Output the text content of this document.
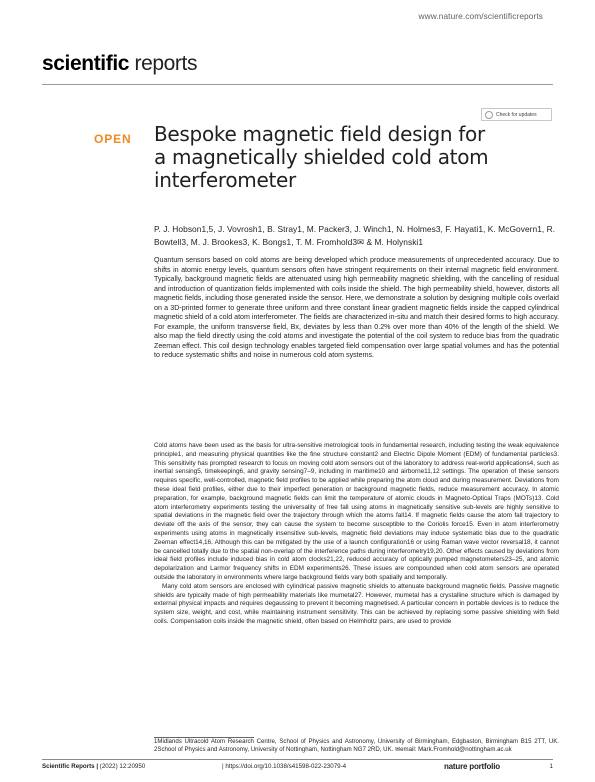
www.nature.com/scientificreports
scientific reports
Check for updates
OPEN Bespoke magnetic field design for a magnetically shielded cold atom interferometer
P. J. Hobson1,5, J. Vovrosh1, B. Stray1, M. Packer3, J. Winch1, N. Holmes3, F. Hayati1, K. McGovern1, R. Bowtell3, M. J. Brookes3, K. Bongs1, T. M. Fromhold3✉ & M. Holynski1
Quantum sensors based on cold atoms are being developed which produce measurements of unprecedented accuracy. Due to shifts in atomic energy levels, quantum sensors often have stringent requirements on their internal magnetic field environment. Typically, background magnetic fields are attenuated using high permeability magnetic shielding, with the cancelling of residual and introduction of quantization fields implemented with coils inside the shield. The high permeability shield, however, distorts all magnetic fields, including those generated inside the sensor. Here, we demonstrate a solution by designing multiple coils overlaid on a 3D-printed former to generate three uniform and three constant linear gradient magnetic fields inside the capped cylindrical magnetic shield of a cold atom interferometer. The fields are characterized in-situ and match their desired forms to high accuracy. For example, the uniform transverse field, Bx, deviates by less than 0.2% over more than 40% of the length of the shield. We also map the field directly using the cold atoms and investigate the potential of the coil system to reduce bias from the quadratic Zeeman effect. This coil design technology enables targeted field compensation over large spatial volumes and has the potential to reduce systematic shifts and noise in numerous cold atom systems.

Cold atoms have been used as the basis for ultra-sensitive metrological tools in fundamental research, including testing the weak equivalence principle1, and measuring physical quantities like the fine structure constant2 and Electric Dipole Moment (EDM) of fundamental particles3. This sensitivity has prompted research to focus on moving cold atom sensors out of the laboratory to address real-world applications4, such as inertial sensing5, timekeeping6, and gravity sensing7–9, including in maritime10 and airborne11,12 settings. The operation of these sensors requires specific, well-controlled, magnetic field profiles to be applied while preparing the atom cloud and during measurement. Deviations from these ideal field profiles, either due to their imperfect generation or background magnetic fields, reduce measurement accuracy. In atomic preparation, for example, background magnetic fields can limit the temperature of atomic clouds in Magneto-Optical Traps (MOTs)13. Cold atom interferometry experiments testing the universality of free fall using atoms in magnetically sensitive sub-levels are highly sensitive to spatial deviations in the magnetic field over the trajectory through which the atoms fall14. If magnetic fields cause the atom fall trajectory to deviate off the axis of the sensor, they can cause the system to become susceptible to the Coriolis force15. Even in atom interferometry experiments using atoms in magnetically insensitive sub-levels, magnetic field deviations may induce systematic bias due to the quadratic Zeeman effect14,16. Although this can be mitigated by the use of a launch configuration16 or using Raman wave vector reversal18, it cannot be cancelled totally due to the spatial non-overlap of the interference paths during interferometry19,20. Other effects caused by deviations from ideal field profiles include induced bias in cold atom clocks21,22, reduced accuracy of optically pumped magnetometers23–25, and atomic depolarization and Larmor frequency shifts in EDM experiments26. These issues are compounded when cold atom sensors are operated outside the laboratory in environments where large background fields vary both spatially and temporally.

Many cold atom sensors are enclosed with cylindrical passive magnetic shields to attenuate background magnetic fields. Passive magnetic shields are typically made of high permeability materials like mumetal27. However, mumetal has a crystalline structure which is damaged by external physical impacts and requires degaussing to prevent it becoming magnetised. A particular concern in portable devices is to reduce the system size, weight, and cost, while maintaining instrument sensitivity. This can be achieved by replacing some passive shielding with field coils. Compensation coils inside the magnetic shield, often based on Helmholtz pairs, are used to provide

1Midlands Ultracold Atom Research Centre, School of Physics and Astronomy, University of Birmingham, Edgbaston, Birmingham B15 2TT, UK. 2School of Physics and Astronomy, University of Nottingham, Nottingham NG7 2RD, UK. ✉email: Mark.Fromhold@nottingham.ac.uk
Scientific Reports | (2022) 12:20950	| https://doi.org/10.1038/s41598-022-23079-4	nature portfolio	1
